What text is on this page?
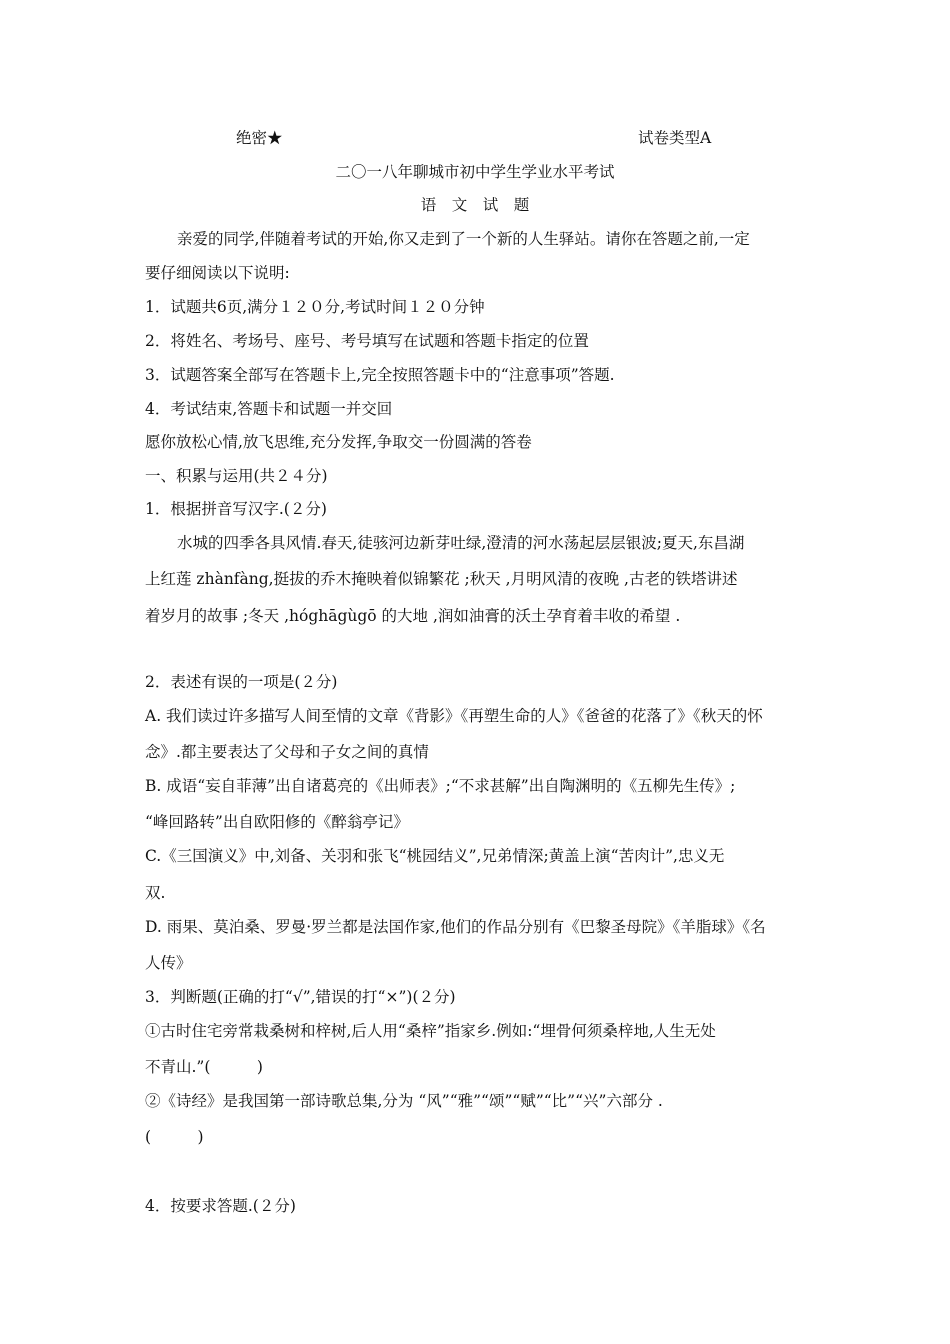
绝密★	试卷类型A
二〇一八年聊城市初中学生学业水平考试
语　文　试　题
亲爱的同学,伴随着考试的开始,你又走到了一个新的人生驿站。请你在答题之前,一定
要仔细阅读以下说明:
1．试题共6页,满分１２０分,考试时间１２０分钟
2．将姓名、考场号、座号、考号填写在试题和答题卡指定的位置
3．试题答案全部写在答题卡上,完全按照答题卡中的“注意事项”答题.
4．考试结束,答题卡和试题一并交回
愿你放松心情,放飞思维,充分发挥,争取交一份圆满的答卷
一、积累与运用(共２４分)
1．根据拼音写汉字.(２分)
水城的四季各具风情.春天,徒骇河边新芽吐绿,澄清的河水荡起层层银波;夏天,东昌湖
上红莲 zhànfàng,挺拔的乔木掩映着似锦繁花 ;秋天 ,月明风清的夜晚 ,古老的铁塔讲述
着岁月的故事 ;冬天 ,hóghāgùgō 的大地 ,润如油膏的沃土孕育着丰收的希望 .
2．表述有误的一项是(２分)
A. 我们读过许多描写人间至情的文章《背影》《再塑生命的人》《爸爸的花落了》《秋天的怀
念》.都主要表达了父母和子女之间的真情
B. 成语“妄自菲薄”出自诸葛亮的《出师表》;“不求甚解”出自陶渊明的《五柳先生传》;
“峰回路转”出自欧阳修的《醉翁亭记》
C.《三国演义》中,刘备、关羽和张飞“桃园结义”,兄弟情深;黄盖上演“苦肉计”,忠义无
双.
D. 雨果、莫泊桑、罗曼·罗兰都是法国作家,他们的作品分别有《巴黎圣母院》《羊脂球》《名
人传》
3．判断题(正确的打“√”,错误的打“×”)(２分)
①古时住宅旁常栽桑树和梓树,后人用“桑梓”指家乡.例如:“埋骨何须桑梓地,人生无处
不青山.”(　　　)
②《诗经》是我国第一部诗歌总集,分为 “风”“雅”“颂”“赋”“比”“兴”六部分 .
(　　　)
4．按要求答题.(２分)
